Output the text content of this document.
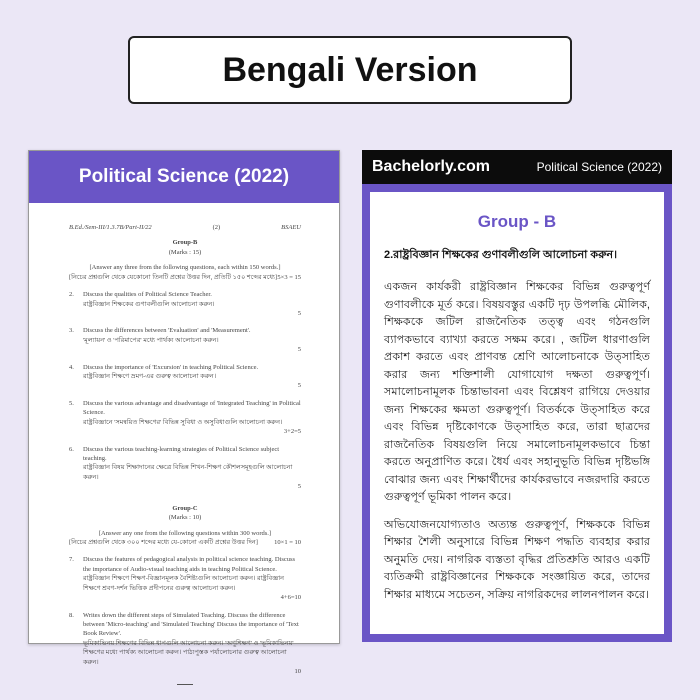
Bengali Version
Political Science (2022)
B.Ed./Sem-III/1.3.7B/Part-II/22	(2)	BSAEU
Group-B
(Marks : 15)
[Answer any three from the following questions, each within 150 words.]
[নিচের প্রশ্নগুলি থেকে যেকোনো তিনটি প্রশ্নের উত্তর দিন, প্রতিটি ১৫০ শব্দের মধ্যে] 5×3 = 15
2.	Discuss the qualities of Political Science Teacher.
রাষ্ট্রবিজ্ঞান শিক্ষকের গুণাবলীগুলি আলোচনা করুন।
5
3.	Discuss the differences between 'Evaluation' and 'Measurement'.
'মূল্যায়ন' ও 'পরিমাপের' মধ্যে পার্থক্য আলোচনা করুন।
5
4.	Discuss the importance of 'Excursion' in teaching Political Science.
রাষ্ট্রবিজ্ঞান শিক্ষণে ভ্রমণ-এর গুরুত্ব আলোচনা করুন।
5
5.	Discuss the various advantage and disadvantage of 'Integrated Teaching' in Political Science.
রাষ্ট্রবিজ্ঞানে 'সমন্বয়িত শিক্ষণের' বিভিন্ন সুবিধা ও অসুবিধাগুলি আলোচনা করুন।
3+2=5
6.	Discuss the various teaching-learning strategies of Political Science subject teaching.
রাষ্ট্রবিজ্ঞান বিষয় শিক্ষাদানের ক্ষেত্রে বিভিন্ন শিখন-শিক্ষণ কৌশলসমূহগুলি আলোচনা করুন।
5
Group-C
(Marks : 10)
[Answer any one from the following questions within 300 words.]
[নিচের প্রশ্নগুলি থেকে ৩০০ শব্দের মধ্যে যে-কোনো একটি প্রশ্নের উত্তর দিন] 10×1 = 10
7.	Discuss the features of pedagogical analysis in political science teaching. Discuss the importance of Audio-visual teaching aids in teaching Political Science.
রাষ্ট্রবিজ্ঞান শিক্ষণে শিক্ষণ-বিজ্ঞানমূলক বৈশিষ্ট্যগুলি আলোচনা করুন। রাষ্ট্রবিজ্ঞান শিক্ষণে শ্রবণ-দর্শন ভিত্তিক প্রদীপনের গুরুত্ব আলোচনা করুন।
4+6=10
8.	Writes down the different steps of Simulated Teaching. Discuss the difference between 'Micro-teaching' and 'Simulated Teaching' Discuss the importance of 'Text Book Review'.
ভূমিকাভিনয় শিক্ষণের বিভিন্ন ধাপগুলি আলোচনা করুন। 'অণুশিক্ষণ' ও 'ভূমিকাভিনয়' শিক্ষণের মধ্যে পার্থক্য আলোচনা করুন। পাঠ্যপুস্তক পর্যালোচনার গুরুত্ব আলোচনা করুন।
10
Bachelorly.com	Political Science (2022)
Group - B
2.রাষ্ট্রবিজ্ঞান শিক্ষকের গুণাবলীগুলি আলোচনা করুন।

একজন কার্যকরী রাষ্ট্রবিজ্ঞান শিক্ষকের বিভিন্ন গুরুত্বপূর্ণ গুণাবলীকে মূর্ত করে। বিষয়বস্তুর একটি দৃঢ় উপলব্ধি মৌলিক, শিক্ষককে জটিল রাজনৈতিক তত্ত্ব এবং গঠনগুলি ব্যাপকভাবে ব্যাখ্যা করতে সক্ষম করে। , জটিল ধারণাগুলি প্রকাশ করতে এবং প্রাণবন্ত শ্রেণি আলোচনাকে উত্সাহিত করার জন্য শক্তিশালী যোগাযোগ দক্ষতা গুরুত্বপূর্ণ। সমালোচনামূলক চিন্তাভাবনা এবং বিশ্লেষণ রাগিয়ে দেওয়ার জন্য শিক্ষকের ক্ষমতা গুরুত্বপূর্ণ। বিতর্ককে উত্সাহিত করে এবং বিভিন্ন দৃষ্টিকোণকে উত্সাহিত করে, তারা ছাত্রদের রাজনৈতিক বিষয়গুলি নিয়ে সমালোচনামূলকভাবে চিন্তা করতে অনুপ্রাণিত করে। ধৈর্য এবং সহানুভূতি বিভিন্ন দৃষ্টিভঙ্গি বোঝার জন্য এবং শিক্ষার্থীদের কার্যকরভাবে নজরদারি করতে গুরুত্বপূর্ণ ভূমিকা পালন করে।

অভিযোজনযোগ্যতাও অত্যন্ত গুরুত্বপূর্ণ, শিক্ষককে বিভিন্ন শিক্ষার শৈলী অনুসারে বিভিন্ন শিক্ষণ পদ্ধতি ব্যবহার করার অনুমতি দেয়। নাগরিক ব্যস্ততা বৃদ্ধির প্রতিশ্রুতি আরও একটি ব্যতিক্রমী রাষ্ট্রবিজ্ঞানের শিক্ষককে সংজ্ঞায়িত করে, তাদের শিক্ষার মাধ্যমে সচেতন, সক্রিয় নাগরিকদের লালনপালন করে।
